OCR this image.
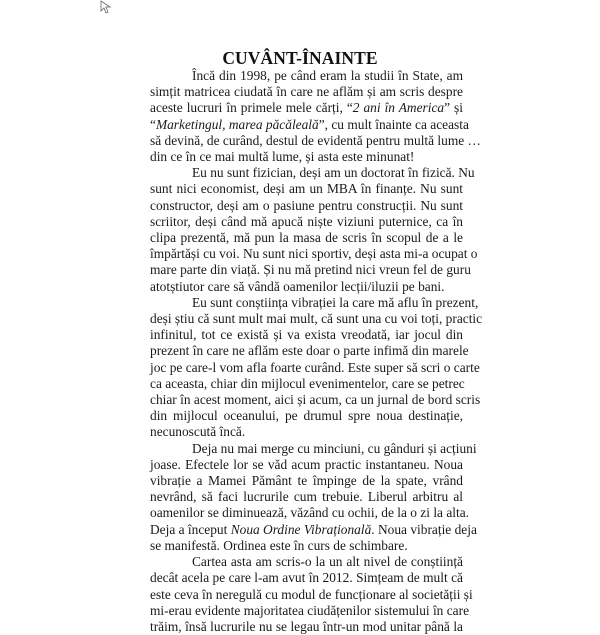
CUVÂNT-ÎNAINTE

Încă din 1998, pe când eram la studii în State, am
simțit matricea ciudată în care ne aflăm și am scris despre
aceste lucruri în primele mele cărți, “2 ani în America” și
“Marketingul, marea păcăleală”, cu mult înainte ca aceasta
să devină, de curând, destul de evidentă pentru multă lume …
din ce în ce mai multă lume, și asta este minunat!

Eu nu sunt fizician, deși am un doctorat în fizică. Nu
sunt nici economist, deși am un MBA în finanțe. Nu sunt
constructor, deși am o pasiune pentru construcții. Nu sunt
scriitor, deși când mă apucă niște viziuni puternice, ca în
clipa prezentă, mă pun la masa de scris în scopul de a le
împărtăși cu voi. Nu sunt nici sportiv, deși asta mi-a ocupat o
mare parte din viață. Și nu mă pretind nici vreun fel de guru
atotștiutor care să vândă oamenilor lecții/iluzii pe bani.

Eu sunt conștiința vibrației la care mă aflu în prezent,
deși știu că sunt mult mai mult, că sunt una cu voi toți, practic
infinitul, tot ce există și va exista vreodată, iar jocul din
prezent în care ne aflăm este doar o parte infimă din marele
joc pe care-l vom afla foarte curând. Este super să scri o carte
ca aceasta, chiar din mijlocul evenimentelor, care se petrec
chiar în acest moment, aici și acum, ca un jurnal de bord scris
din mijlocul oceanului, pe drumul spre noua destinație,
necunoscută încă.

Deja nu mai merge cu minciuni, cu gânduri și acțiuni
joase. Efectele lor se văd acum practic instantaneu. Noua
vibrație a Mamei Pământ te împinge de la spate, vrând
nevrând, să faci lucrurile cum trebuie. Liberul arbitru al
oamenilor se diminuează, văzând cu ochii, de la o zi la alta.
Deja a început Noua Ordine Vibrațională. Noua vibrație deja
se manifestă. Ordinea este în curs de schimbare.

Cartea asta am scris-o la un alt nivel de conștiință
decât acela pe care l-am avut în 2012. Simțeam de mult că
este ceva în neregulă cu modul de funcționare al societății și
mi-erau evidente majoritatea ciudățenilor sistemului în care
trăim, însă lucrurile nu se legau într-un mod unitar până la
